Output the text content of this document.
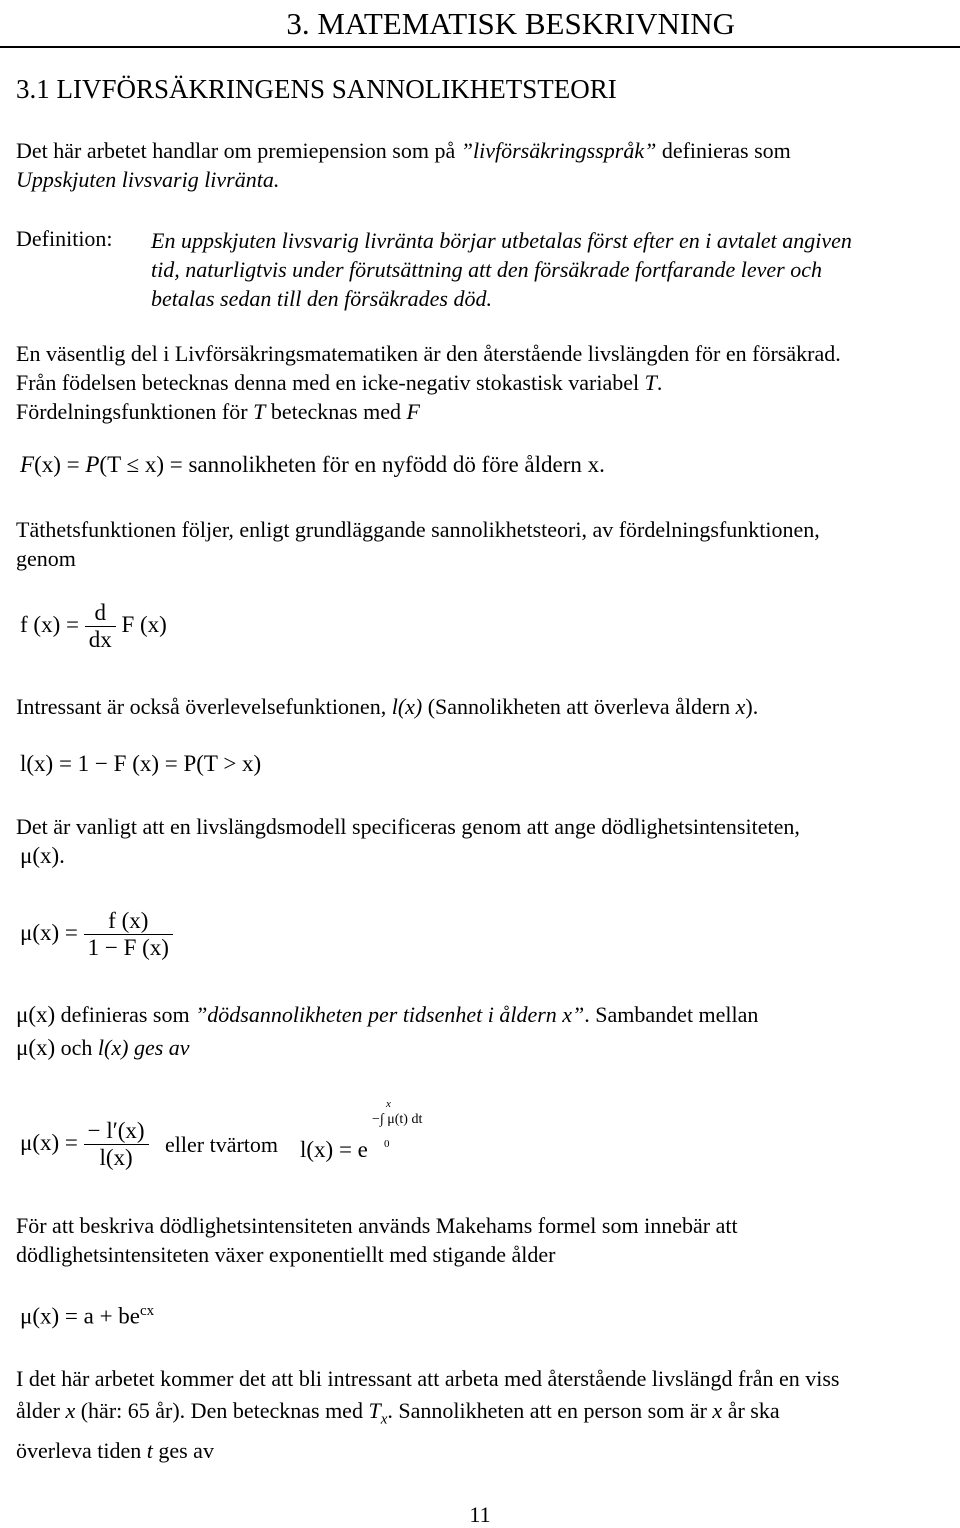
3. MATEMATISK BESKRIVNING
3.1 LIVFÖRSÄKRINGENS SANNOLIKHETSTEORI
Det här arbetet handlar om premiepension som på ”livförsäkringsspråk” definieras som
Uppskjuten livsvarig livränta.
Definition: En uppskjuten livsvarig livränta börjar utbetalas först efter en i avtalet angiven
tid, naturligtvis under förutsättning att den försäkrade fortfarande lever och
betalas sedan till den försäkrades död.
En väsentlig del i Livförsäkringsmatematiken är den återstående livslängden för en försäkrad.
Från födelsen betecknas denna med en icke-negativ stokastisk variabel T.
Fördelningsfunktionen för T betecknas med F
F(x) = P(T ≤ x) = sannolikheten för en nyfödd dö före åldern x.
Täthetsfunktionen följer, enligt grundläggande sannolikhetsteori, av fördelningsfunktionen,
genom
f $(x) = \frac{d}{dx}$ F (x)
Intressant är också överlevelsefunktionen, l(x) (Sannolikheten att överleva åldern x).
l(x) = 1 − F (x) = P(T > x)
Det är vanligt att en livslängdsmodell specificeras genom att ange dödlighetsintensiteten,
μ(x).
$\mu(x) = \frac{f (x)}{1 - F (x)}$
μ(x) definieras som ”dödsannolikheten per tidsenhet i åldern x”. Sambandet mellan
μ(x) och l(x) ges av
$\mu(x) = \frac{- l'(x)}{l(x)}$ eller tvärtom l(x) = e
x
−∫ μ(t) dt
0
För att beskriva dödlighetsintensiteten används Makehams formel som innebär att
dödlighetsintensiteten växer exponentiellt med stigande ålder
$\mu(x) = a + be^{cx}$
I det här arbetet kommer det att bli intressant att arbeta med återstående livslängd från en viss
ålder x (här: 65 år). Den betecknas med $T_x$. Sannolikheten att en person som är x år ska
överleva tiden t ges av
11
